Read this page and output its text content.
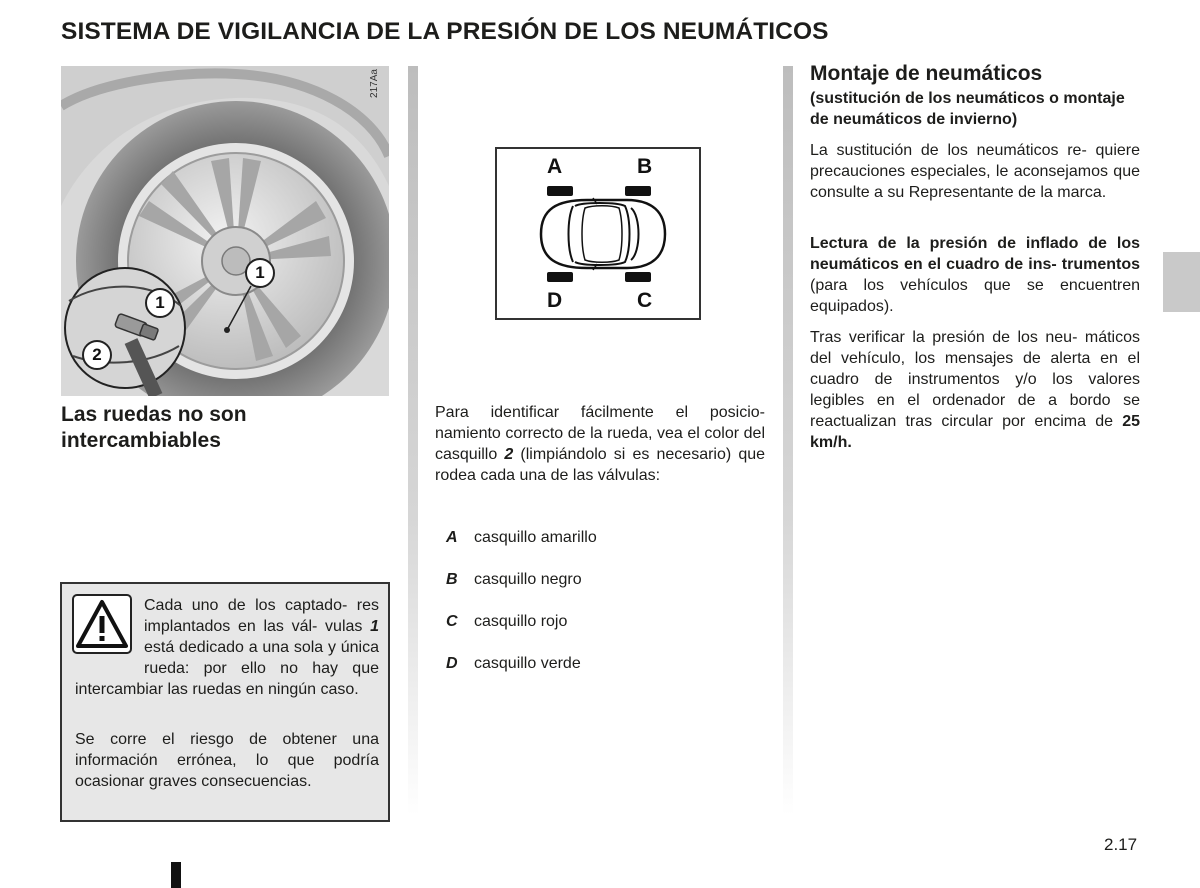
SISTEMA DE VIGILANCIA DE LA PRESIÓN DE LOS NEUMÁTICOS
217Aa
1
1
2
Las ruedas no son intercambiables

Cada uno de los captado- res implantados en las vál- vulas 1 está dedicado a una sola y única rueda: por ello no hay que intercambiar las ruedas en ningún caso.

Se corre el riesgo de obtener una información errónea, lo que podría ocasionar graves consecuencias.

A	B
D	C

Para identificar fácilmente el posicio- namiento correcto de la rueda, vea el color del casquillo 2 (limpiándolo si es necesario) que rodea cada una de las válvulas:

A casquillo amarillo
B casquillo negro
C casquillo rojo
D casquillo verde
Montaje de neumáticos

(sustitución de los neumáticos o montaje de neumáticos de invierno)

La sustitución de los neumáticos re- quiere precauciones especiales, le aconsejamos que consulte a su Representante de la marca.

Lectura de la presión de inflado de los neumáticos en el cuadro de ins- trumentos (para los vehículos que se encuentren equipados).

Tras verificar la presión de los neu- máticos del vehículo, los mensajes de alerta en el cuadro de instrumentos y/o los valores legibles en el ordenador de a bordo se reactualizan tras circular por encima de 25 km/h.

2.17
